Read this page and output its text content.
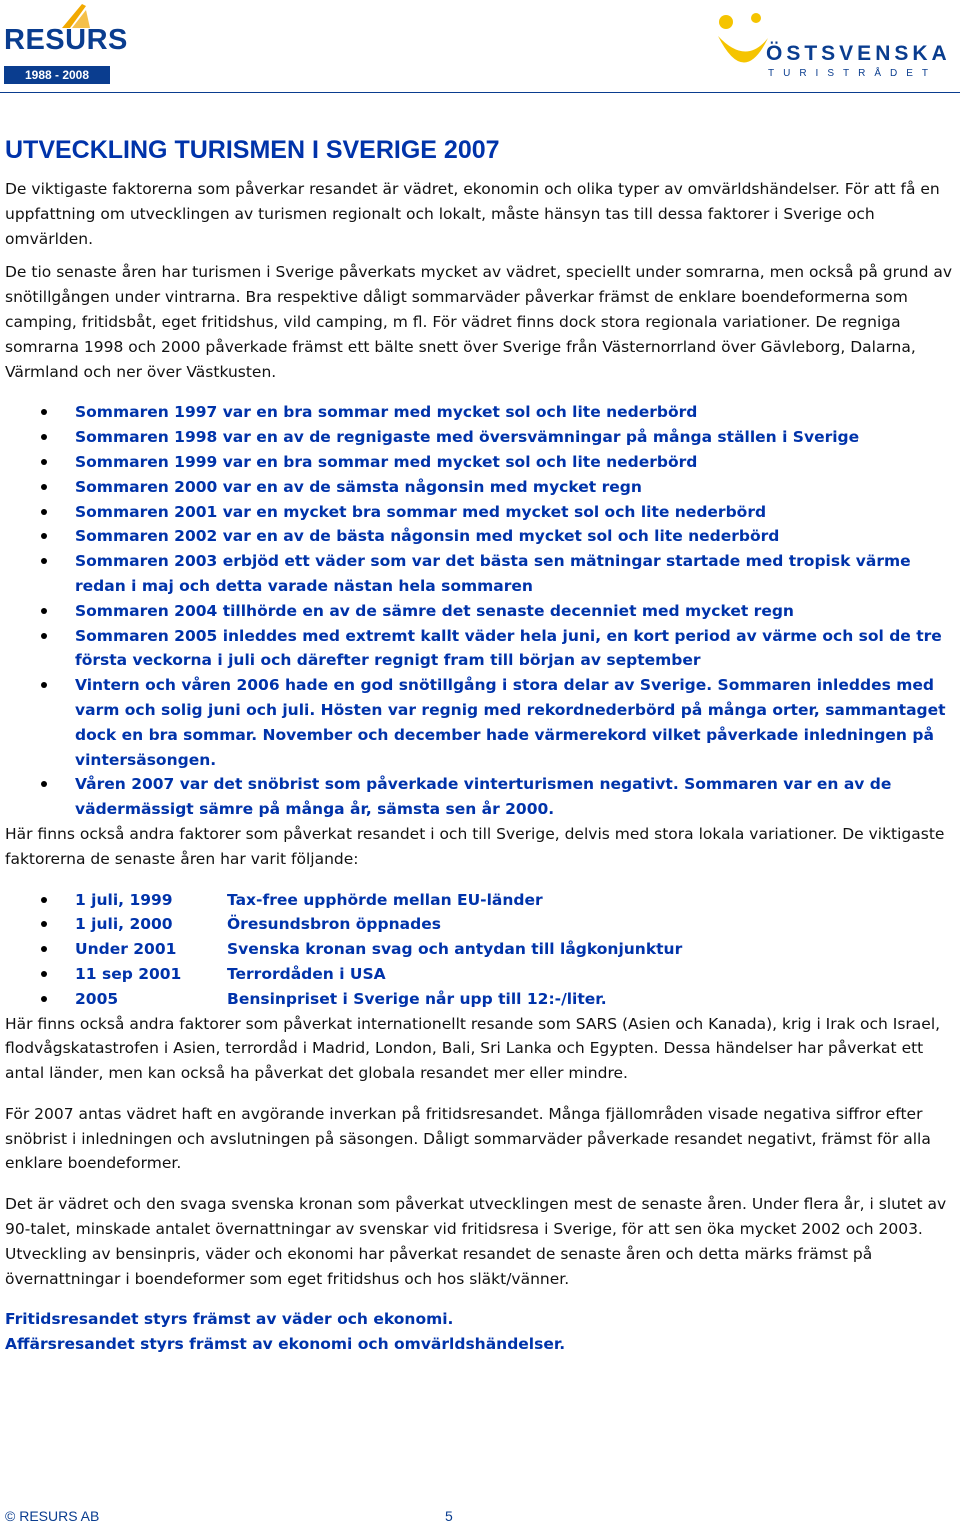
RESURS
1988 - 2008
ÖSTSVENSKA
TURISTRÅDET
UTVECKLING TURISMEN I SVERIGE 2007

De viktigaste faktorerna som påverkar resandet är vädret, ekonomin och olika typer av omvärldshändelser. För att få en uppfattning om utvecklingen av turismen regionalt och lokalt, måste hänsyn tas till dessa faktorer i Sverige och omvärlden.

De tio senaste åren har turismen i Sverige påverkats mycket av vädret, speciellt under somrarna, men också på grund av snötillgången under vintrarna. Bra respektive dåligt sommarväder påverkar främst de enklare boendeformerna som camping, fritidsbåt, eget fritidshus, vild camping, m fl. För vädret finns dock stora regionala variationer. De regniga somrarna 1998 och 2000 påverkade främst ett bälte snett över Sverige från Västernorrland över Gävleborg, Dalarna, Värmland och ner över Västkusten.

Sommaren 1997 var en bra sommar med mycket sol och lite nederbörd
Sommaren 1998 var en av de regnigaste med översvämningar på många ställen i Sverige
Sommaren 1999 var en bra sommar med mycket sol och lite nederbörd
Sommaren 2000 var en av de sämsta någonsin med mycket regn
Sommaren 2001 var en mycket bra sommar med mycket sol och lite nederbörd
Sommaren 2002 var en av de bästa någonsin med mycket sol och lite nederbörd
Sommaren 2003 erbjöd ett väder som var det bästa sen mätningar startade med tropisk värme redan i maj och detta varade nästan hela sommaren
Sommaren 2004 tillhörde en av de sämre det senaste decenniet med mycket regn
Sommaren 2005 inleddes med extremt kallt väder hela juni, en kort period av värme och sol de tre första veckorna i juli och därefter regnigt fram till början av september
Vintern och våren 2006 hade en god snötillgång i stora delar av Sverige. Sommaren inleddes med varm och solig juni och juli. Hösten var regnig med rekordnederbörd på många orter, sammantaget dock en bra sommar. November och december hade värmerekord vilket påverkade inledningen på vintersäsongen.
Våren 2007 var det snöbrist som påverkade vinterturismen negativt. Sommaren var en av de vädermässigt sämre på många år, sämsta sen år 2000.

Här finns också andra faktorer som påverkat resandet i och till Sverige, delvis med stora lokala variationer. De viktigaste faktorerna de senaste åren har varit följande:

1 juli, 1999	Tax-free upphörde mellan EU-länder
1 juli, 2000	Öresundsbron öppnades
Under 2001	Svenska kronan svag och antydan till lågkonjunktur
11 sep 2001	Terrordåden i USA
2005	Bensinpriset i Sverige når upp till 12:-/liter.

Här finns också andra faktorer som påverkat internationellt resande som SARS (Asien och Kanada), krig i Irak och Israel, flodvågskatastrofen i Asien, terrordåd i Madrid, London, Bali, Sri Lanka och Egypten. Dessa händelser har påverkat ett antal länder, men kan också ha påverkat det globala resandet mer eller mindre.

För 2007 antas vädret haft en avgörande inverkan på fritidsresandet. Många fjällområden visade negativa siffror efter snöbrist i inledningen och avslutningen på säsongen. Dåligt sommarväder påverkade resandet negativt, främst för alla enklare boendeformer.

Det är vädret och den svaga svenska kronan som påverkat utvecklingen mest de senaste åren. Under flera år, i slutet av 90-talet, minskade antalet övernattningar av svenskar vid fritidsresa i Sverige, för att sen öka mycket 2002 och 2003. Utveckling av bensinpris, väder och ekonomi har påverkat resandet de senaste åren och detta märks främst på övernattningar i boendeformer som eget fritidshus och hos släkt/vänner.

Fritidsresandet styrs främst av väder och ekonomi.

Affärsresandet styrs främst av ekonomi och omvärldshändelser.

© RESURS AB	5
